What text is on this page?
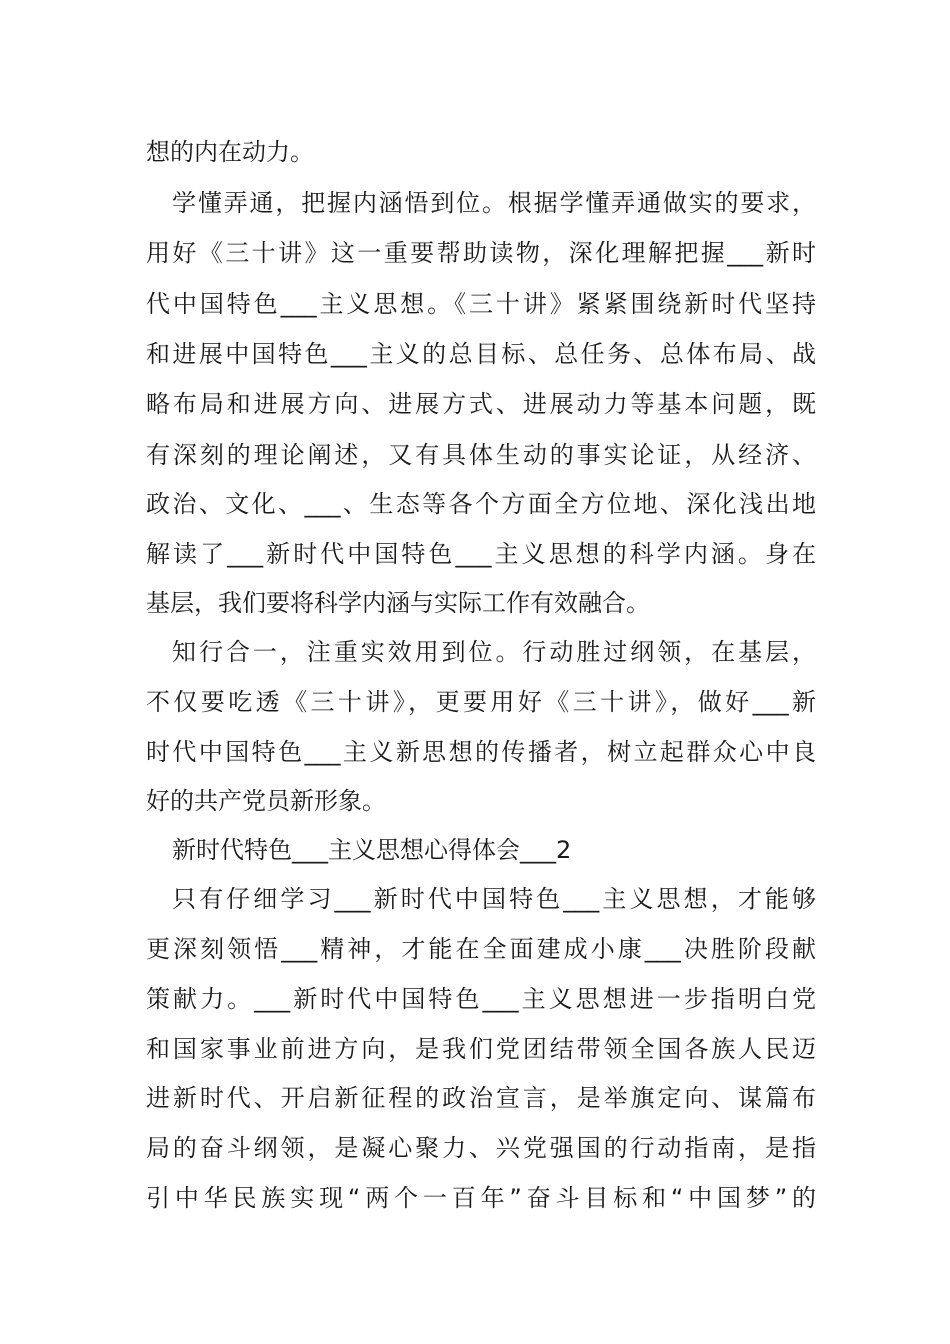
想的内在动力。

学懂弄通，把握内涵悟到位。根据学懂弄通做实的要求，

用好《三十讲》这一重要帮助读物，深化理解把握___新时

代中国特色___主义思想。《三十讲》紧紧围绕新时代坚持

和进展中国特色___主义的总目标、总任务、总体布局、战

略布局和进展方向、进展方式、进展动力等基本问题，既

有深刻的理论阐述，又有具体生动的事实论证，从经济、

政治、文化、___、生态等各个方面全方位地、深化浅出地

解读了___新时代中国特色___主义思想的科学内涵。身在

基层，我们要将科学内涵与实际工作有效融合。

知行合一，注重实效用到位。行动胜过纲领，在基层，

不仅要吃透《三十讲》，更要用好《三十讲》，做好___新

时代中国特色___主义新思想的传播者，树立起群众心中良

好的共产党员新形象。

新时代特色___主义思想心得体会___2

只有仔细学习___新时代中国特色___主义思想，才能够

更深刻领悟___精神，才能在全面建成小康___决胜阶段献

策献力。___新时代中国特色___主义思想进一步指明白党

和国家事业前进方向，是我们党团结带领全国各族人民迈

进新时代、开启新征程的政治宣言，是举旗定向、谋篇布

局的奋斗纲领，是凝心聚力、兴党强国的行动指南，是指

引中华民族实现“两个一百年”奋斗目标和“中国梦”的
